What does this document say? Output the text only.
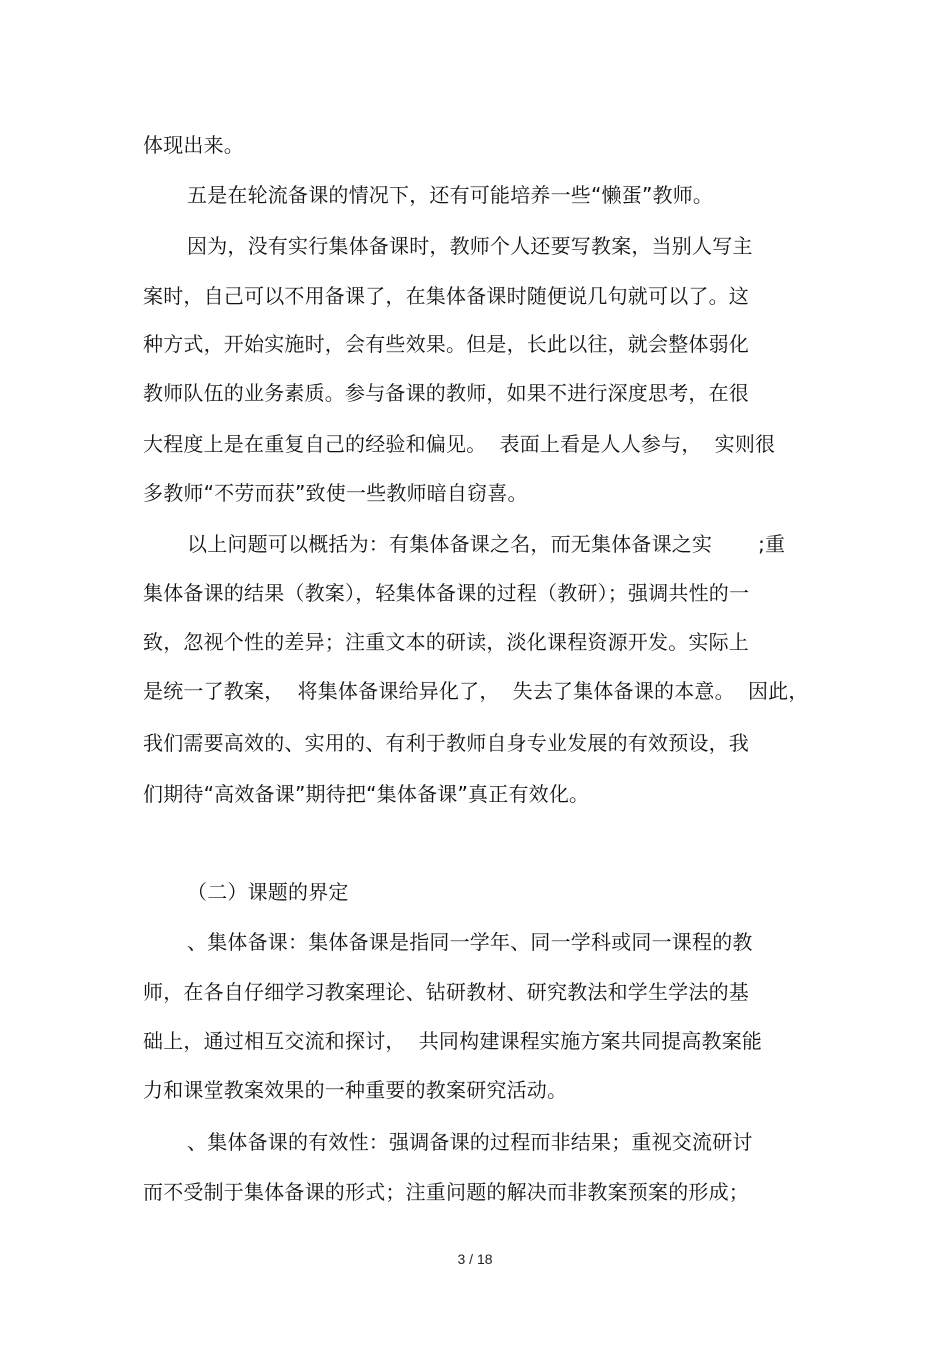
体现出来。
五是在轮流备课的情况下，还有可能培养一些“懒蛋”教师。
因为，没有实行集体备课时，教师个人还要写教案，当别人写主
案时，自己可以不用备课了，在集体备课时随便说几句就可以了。这
种方式，开始实施时，会有些效果。但是，长此以往，就会整体弱化
教师队伍的业务素质。参与备课的教师，如果不进行深度思考，在很
大程度上是在重复自己的经验和偏见。  表面上看是人人参与，  实则很
多教师“不劳而获”致使一些教师暗自窃喜。
以上问题可以概括为：有集体备课之名，而无集体备课之实       ;重
集体备课的结果（教案），轻集体备课的过程（教研）；强调共性的一
致，忽视个性的差异；注重文本的研读，淡化课程资源开发。实际上
是统一了教案，  将集体备课给异化了，  失去了集体备课的本意。  因此，
我们需要高效的、实用的、有利于教师自身专业发展的有效预设，我
们期待“高效备课”期待把“集体备课”真正有效化。
（二）课题的界定
、集体备课：集体备课是指同一学年、同一学科或同一课程的教
师，在各自仔细学习教案理论、钻研教材、研究教法和学生学法的基
础上，通过相互交流和探讨，  共同构建课程实施方案共同提高教案能
力和课堂教案效果的一种重要的教案研究活动。
、集体备课的有效性：强调备课的过程而非结果；重视交流研讨
而不受制于集体备课的形式；注重问题的解决而非教案预案的形成；
3 / 18
